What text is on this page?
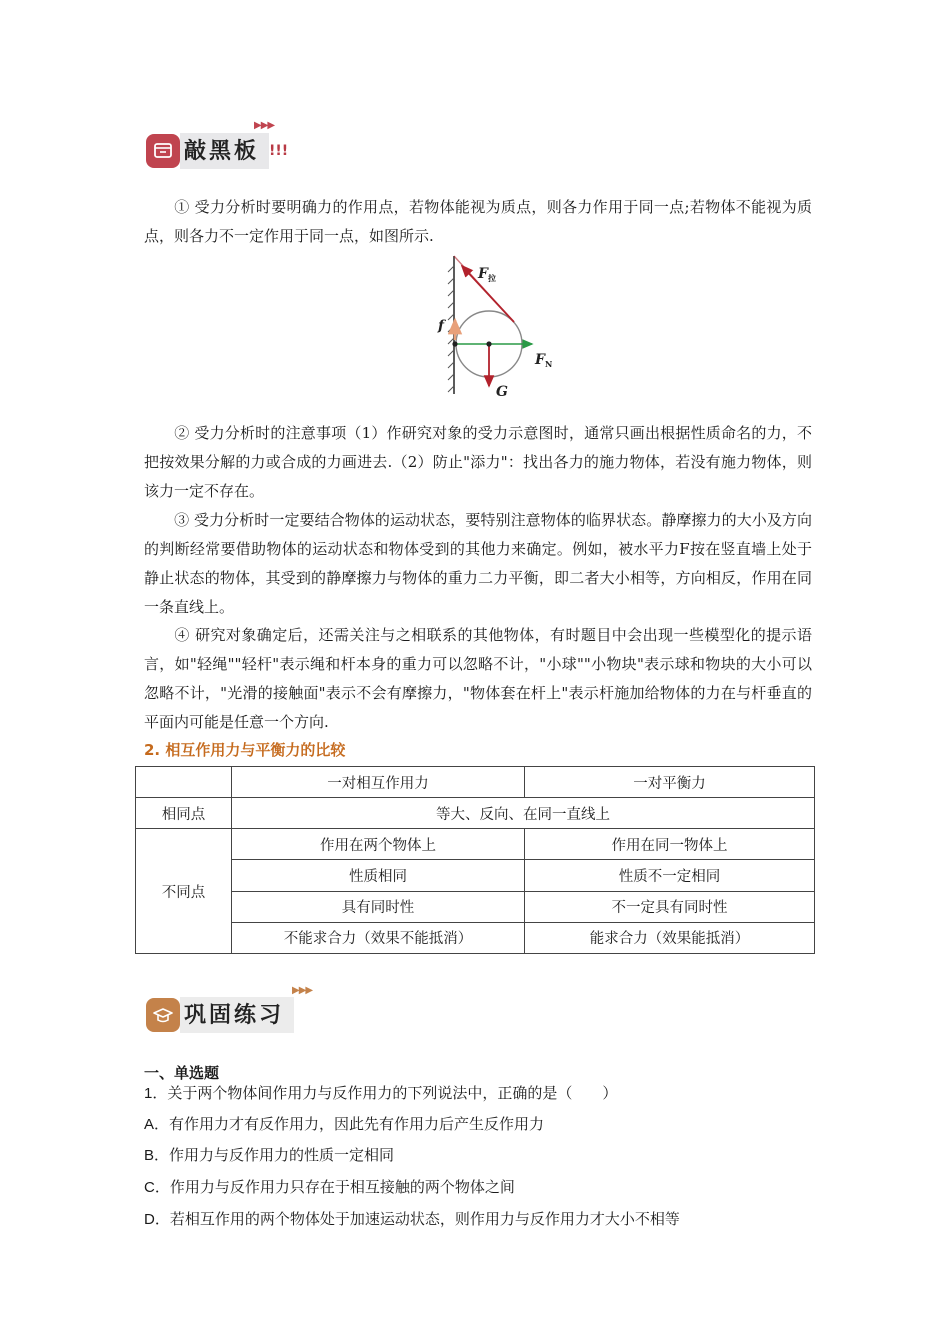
敲黑板 !!!
▶▶▶
① 受力分析时要明确力的作用点，若物体能视为质点，则各力作用于同一点;若物体不能视为质点，则各力不一定作用于同一点，如图所示.
$F_拉$
f
$F_N$
G
② 受力分析时的注意事项（1）作研究对象的受力示意图时，通常只画出根据性质命名的力，不把按效果分解的力或合成的力画进去.（2）防止"添力"：找出各力的施力物体，若没有施力物体，则该力一定不存在。
③ 受力分析时一定要结合物体的运动状态，要特别注意物体的临界状态。静摩擦力的大小及方向的判断经常要借助物体的运动状态和物体受到的其他力来确定。例如，被水平力F按在竖直墙上处于静止状态的物体，其受到的静摩擦力与物体的重力二力平衡，即二者大小相等，方向相反，作用在同一条直线上。
④ 研究对象确定后，还需关注与之相联系的其他物体，有时题目中会出现一些模型化的提示语言，如"轻绳""轻杆"表示绳和杆本身的重力可以忽略不计，"小球""小物块"表示球和物块的大小可以忽略不计，"光滑的接触面"表示不会有摩擦力，"物体套在杆上"表示杆施加给物体的力在与杆垂直的平面内可能是任意一个方向.
2. 相互作用力与平衡力的比较
	一对相互作用力	一对平衡力
相同点	等大、反向、在同一直线上	
不同点	作用在两个物体上	作用在同一物体上
	性质相同	性质不一定相同
	具有同时性	不一定具有同时性
	不能求合力（效果不能抵消）	能求合力（效果能抵消）
巩固练习
▶▶▶
一、单选题
1．关于两个物体间作用力与反作用力的下列说法中，正确的是（　　）
A．有作用力才有反作用力，因此先有作用力后产生反作用力
B．作用力与反作用力的性质一定相同
C．作用力与反作用力只存在于相互接触的两个物体之间
D．若相互作用的两个物体处于加速运动状态，则作用力与反作用力才大小不相等
